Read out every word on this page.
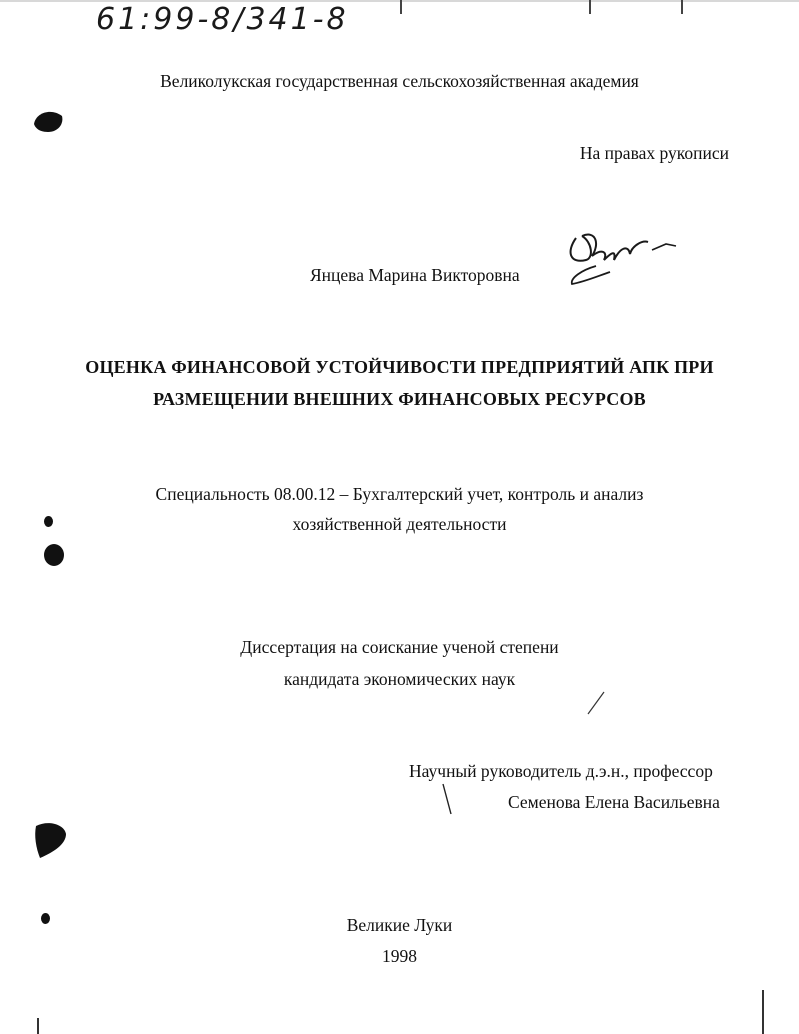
61:99-8/341-8
Великолукская государственная сельскохозяйственная академия
На правах рукописи
Янцева Марина Викторовна
ОЦЕНКА ФИНАНСОВОЙ УСТОЙЧИВОСТИ ПРЕДПРИЯТИЙ АПК ПРИ
РАЗМЕЩЕНИИ ВНЕШНИХ ФИНАНСОВЫХ РЕСУРСОВ
Специальность 08.00.12 – Бухгалтерский учет, контроль и анализ
хозяйственной деятельности
Диссертация на соискание ученой степени
кандидата экономических наук
Научный руководитель д.э.н., профессор
Семенова Елена Васильевна
Великие Луки
1998
